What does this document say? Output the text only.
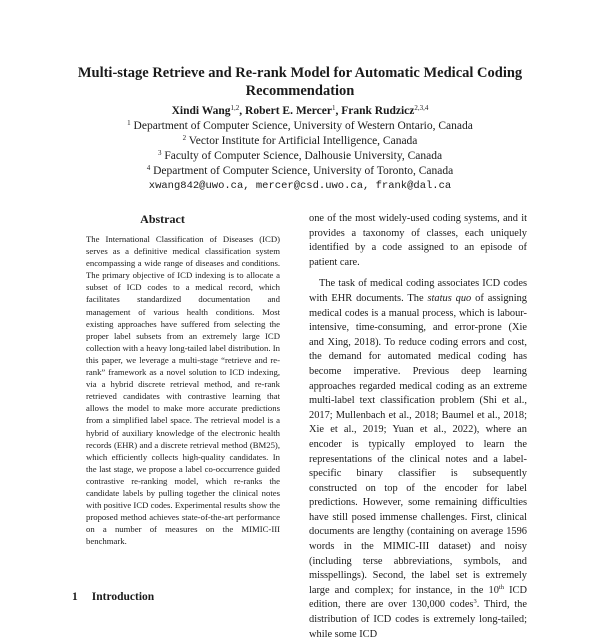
Multi-stage Retrieve and Re-rank Model for Automatic Medical Coding Recommendation
Xindi Wang$^{1,2}$, Robert E. Mercer$^1$, Frank Rudzicz$^{2,3,4}$
$^1$ Department of Computer Science, University of Western Ontario, Canada
$^2$ Vector Institute for Artificial Intelligence, Canada
$^3$ Faculty of Computer Science, Dalhousie University, Canada
$^4$ Department of Computer Science, University of Toronto, Canada
xwang842@uwo.ca, mercer@csd.uwo.ca, frank@dal.ca
Abstract

The International Classification of Diseases (ICD) serves as a definitive medical classification system encompassing a wide range of diseases and conditions. The primary objective of ICD indexing is to allocate a subset of ICD codes to a medical record, which facilitates standardized documentation and management of various health conditions. Most existing approaches have suffered from selecting the proper label subsets from an extremely large ICD collection with a heavy long-tailed label distribution. In this paper, we leverage a multi-stage “retrieve and re-rank” framework as a novel solution to ICD indexing, via a hybrid discrete retrieval method, and re-rank retrieved candidates with contrastive learning that allows the model to make more accurate predictions from a simplified label space. The retrieval model is a hybrid of auxiliary knowledge of the electronic health records (EHR) and a discrete retrieval method (BM25), which efficiently collects high-quality candidates. In the last stage, we propose a label co-occurrence guided contrastive re-ranking model, which re-ranks the candidate labels by pulling together the clinical notes with positive ICD codes. Experimental results show the proposed method achieves state-of-the-art performance on a number of measures on the MIMIC-III benchmark.

1 Introduction

one of the most widely-used coding systems, and it provides a taxonomy of classes, each uniquely identified by a code assigned to an episode of patient care.

The task of medical coding associates ICD codes with EHR documents. The status quo of assigning medical codes is a manual process, which is labour-intensive, time-consuming, and error-prone (Xie and Xing, 2018). To reduce coding errors and cost, the demand for automated medical coding has become imperative. Previous deep learning approaches regarded medical coding as an extreme multi-label text classification problem (Shi et al., 2017; Mullenbach et al., 2018; Baumel et al., 2018; Xie et al., 2019; Yuan et al., 2022), where an encoder is typically employed to learn the representations of the clinical notes and a label-specific binary classifier is subsequently constructed on top of the encoder for label predictions. However, some remaining difficulties have still posed immense challenges. First, clinical documents are lengthy (containing on average 1596 words in the MIMIC-III dataset) and noisy (including terse abbreviations, symbols, and misspellings). Second, the label set is extremely large and complex; for instance, in the 10th ICD edition, there are over 130,000 codes$^3$. Third, the distribution of ICD codes is extremely long-tailed; while some ICD
